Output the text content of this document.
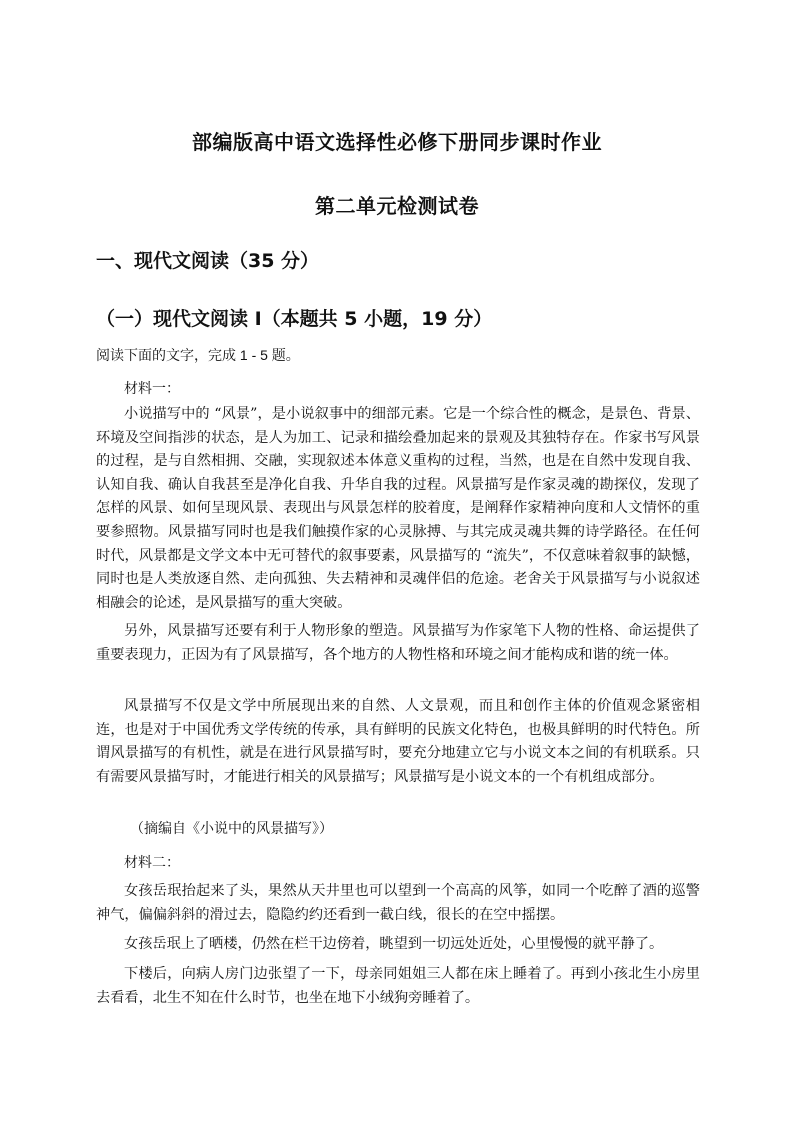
部编版高中语文选择性必修下册同步课时作业
第二单元检测试卷
一、现代文阅读（35 分）
（一）现代文阅读 Ⅰ（本题共 5 小题，19 分）
阅读下面的文字，完成 1 - 5 题。
材料一：
小说描写中的 “风景”，是小说叙事中的细部元素。它是一个综合性的概念，是景色、背景、环境及空间指涉的状态，是人为加工、记录和描绘叠加起来的景观及其独特存在。作家书写风景的过程，是与自然相拥、交融，实现叙述本体意义重构的过程，当然，也是在自然中发现自我、认知自我、确认自我甚至是净化自我、升华自我的过程。风景描写是作家灵魂的勘探仪，发现了怎样的风景、如何呈现风景、表现出与风景怎样的胶着度，是阐释作家精神向度和人文情怀的重要参照物。风景描写同时也是我们触摸作家的心灵脉搏、与其完成灵魂共舞的诗学路径。在任何时代，风景都是文学文本中无可替代的叙事要素，风景描写的 “流失”，不仅意味着叙事的缺憾，同时也是人类放逐自然、走向孤独、失去精神和灵魂伴侣的危途。老舍关于风景描写与小说叙述相融会的论述，是风景描写的重大突破。
另外，风景描写还要有利于人物形象的塑造。风景描写为作家笔下人物的性格、命运提供了重要表现力，正因为有了风景描写，各个地方的人物性格和环境之间才能构成和谐的统一体。
风景描写不仅是文学中所展现出来的自然、人文景观，而且和创作主体的价值观念紧密相连，也是对于中国优秀文学传统的传承，具有鲜明的民族文化特色，也极具鲜明的时代特色。所谓风景描写的有机性，就是在进行风景描写时，要充分地建立它与小说文本之间的有机联系。只有需要风景描写时，才能进行相关的风景描写；风景描写是小说文本的一个有机组成部分。
（摘编自《小说中的风景描写》）
材料二：
女孩岳珉抬起来了头，果然从天井里也可以望到一个高高的风筝，如同一个吃醉了酒的巡警神气，偏偏斜斜的滑过去，隐隐约约还看到一截白线，很长的在空中摇摆。
女孩岳珉上了晒楼，仍然在栏干边傍着，眺望到一切远处近处，心里慢慢的就平静了。
下楼后，向病人房门边张望了一下，母亲同姐姐三人都在床上睡着了。再到小孩北生小房里去看看，北生不知在什么时节，也坐在地下小绒狗旁睡着了。
